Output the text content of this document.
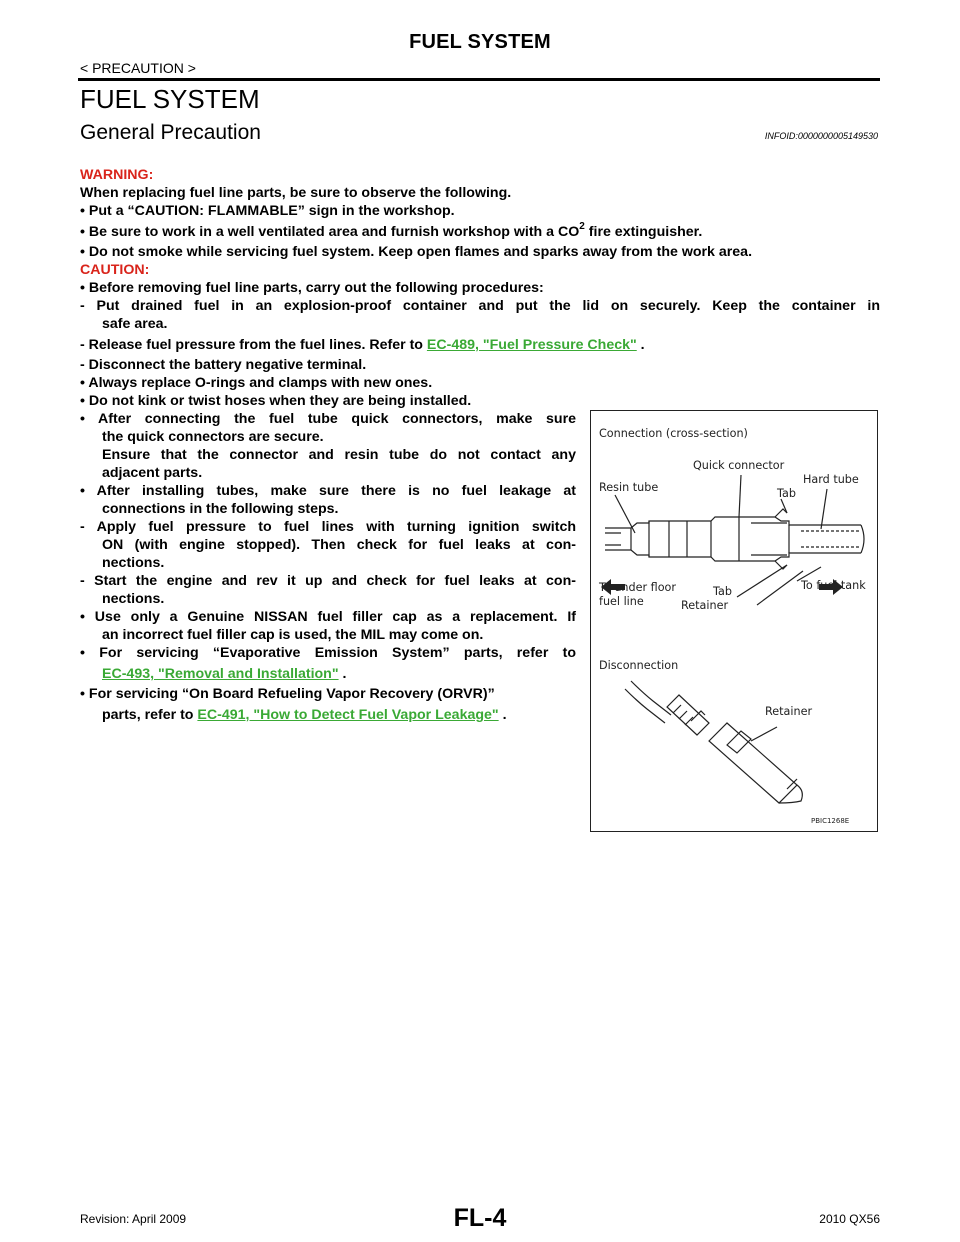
FUEL SYSTEM
< PRECAUTION >
FUEL SYSTEM
General Precaution	INFOID:0000000005149530
WARNING:
When replacing fuel line parts, be sure to observe the following.
• Put a “CAUTION: FLAMMABLE” sign in the workshop.
• Be sure to work in a well ventilated area and furnish workshop with a $CO^2$ fire extinguisher.
• Do not smoke while servicing fuel system. Keep open flames and sparks away from the work area.
CAUTION:
• Before removing fuel line parts, carry out the following procedures:
- Put drained fuel in an explosion-proof container and put the lid on securely. Keep the container in
safe area.
- Release fuel pressure from the fuel lines. Refer to EC-489, "Fuel Pressure Check" .
- Disconnect the battery negative terminal.
• Always replace O-rings and clamps with new ones.
• Do not kink or twist hoses when they are being installed.
• After connecting the fuel tube quick connectors, make sure
the quick connectors are secure.
Ensure that the connector and resin tube do not contact any
adjacent parts.
• After installing tubes, make sure there is no fuel leakage at
connections in the following steps.
- Apply fuel pressure to fuel lines with turning ignition switch
ON (with engine stopped). Then check for fuel leaks at con-
nections.
- Start the engine and rev it up and check for fuel leaks at con-
nections.
• Use only a Genuine NISSAN fuel filler cap as a replacement. If
an incorrect fuel filler cap is used, the MIL may come on.
• For servicing “Evaporative Emission System” parts, refer to
EC-493, "Removal and Installation" .
• For servicing “On Board Refueling Vapor Recovery (ORVR)”
parts, refer to EC-491, "How to Detect Fuel Vapor Leakage" .
Connection (cross-section)
Quick connector
Hard tube
Resin tube	Tab
To under floor
fuel line
Tab	To fuel tank
Retainer
Disconnection
Retainer
PBIC1268E
FL-4
Revision: April 2009	2010 QX56
